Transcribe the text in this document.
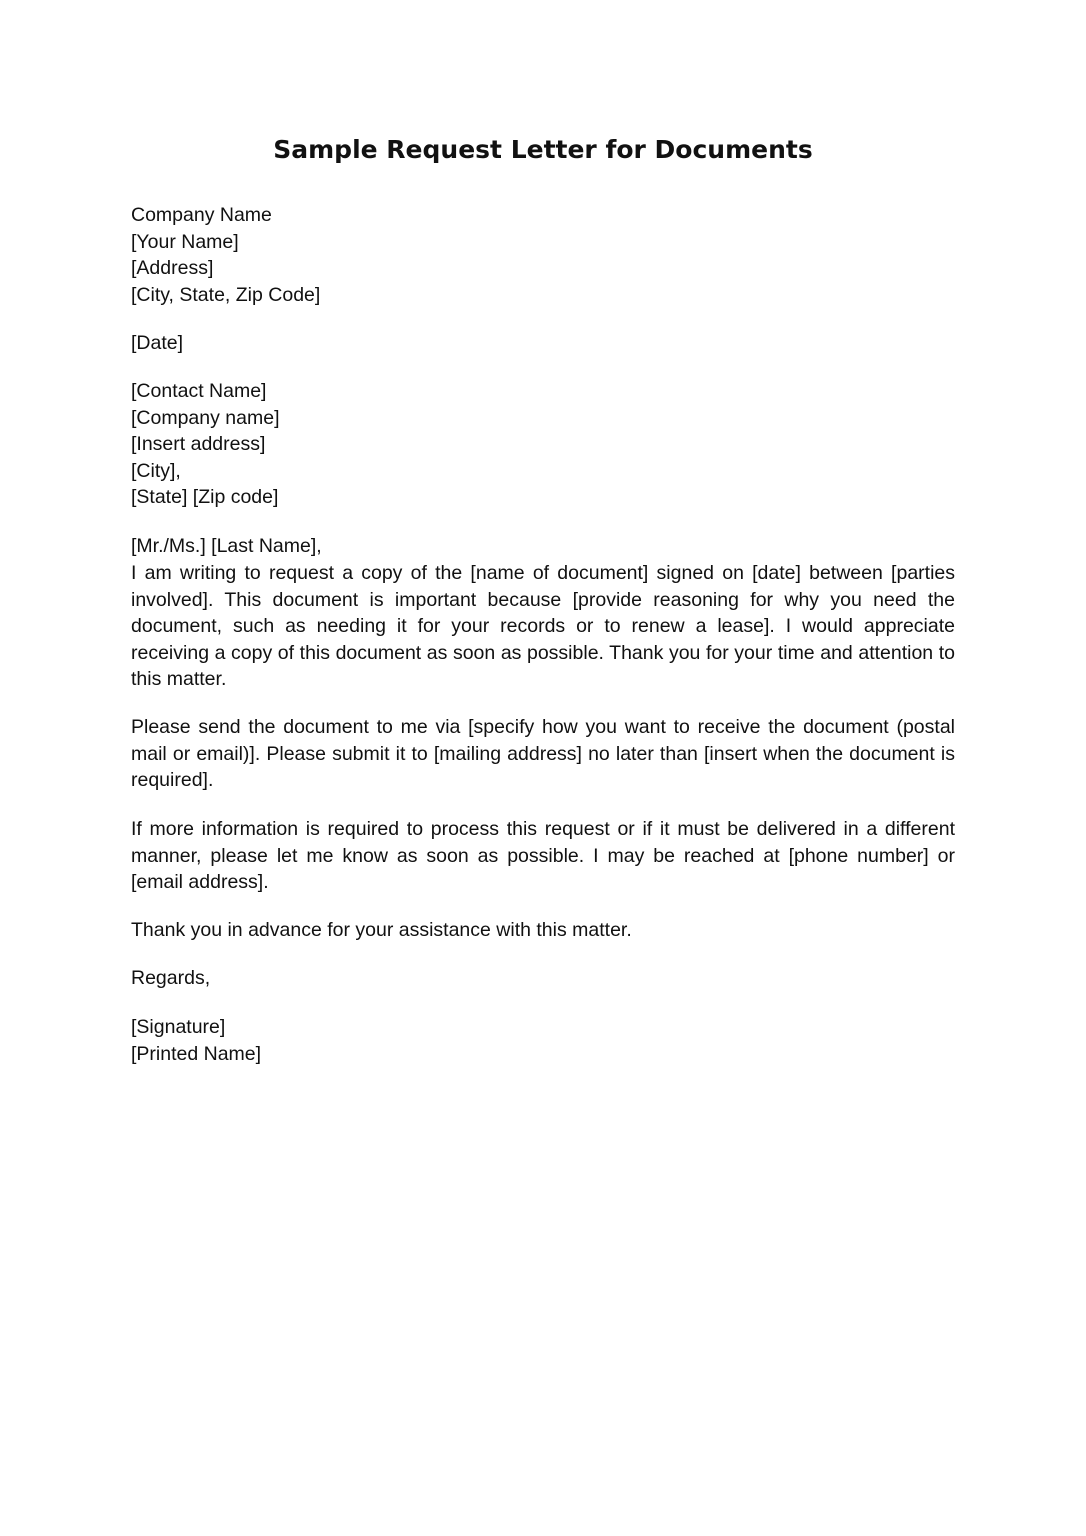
Sample Request Letter for Documents
Company Name
[Your Name]
[Address]
[City, State, Zip Code]
[Date]
[Contact Name]
[Company name]
[Insert address]
[City],
[State] [Zip code]
[Mr./Ms.] [Last Name],

I am writing to request a copy of the [name of document] signed on [date] between [parties involved]. This document is important because [provide reasoning for why you need the document, such as needing it for your records or to renew a lease]. I would appreciate receiving a copy of this document as soon as possible. Thank you for your time and attention to this matter.

Please send the document to me via [specify how you want to receive the document (postal mail or email)]. Please submit it to [mailing address] no later than [insert when the document is required].

If more information is required to process this request or if it must be delivered in a different manner, please let me know as soon as possible. I may be reached at [phone number] or [email address].

Thank you in advance for your assistance with this matter.

Regards,

[Signature]
[Printed Name]
